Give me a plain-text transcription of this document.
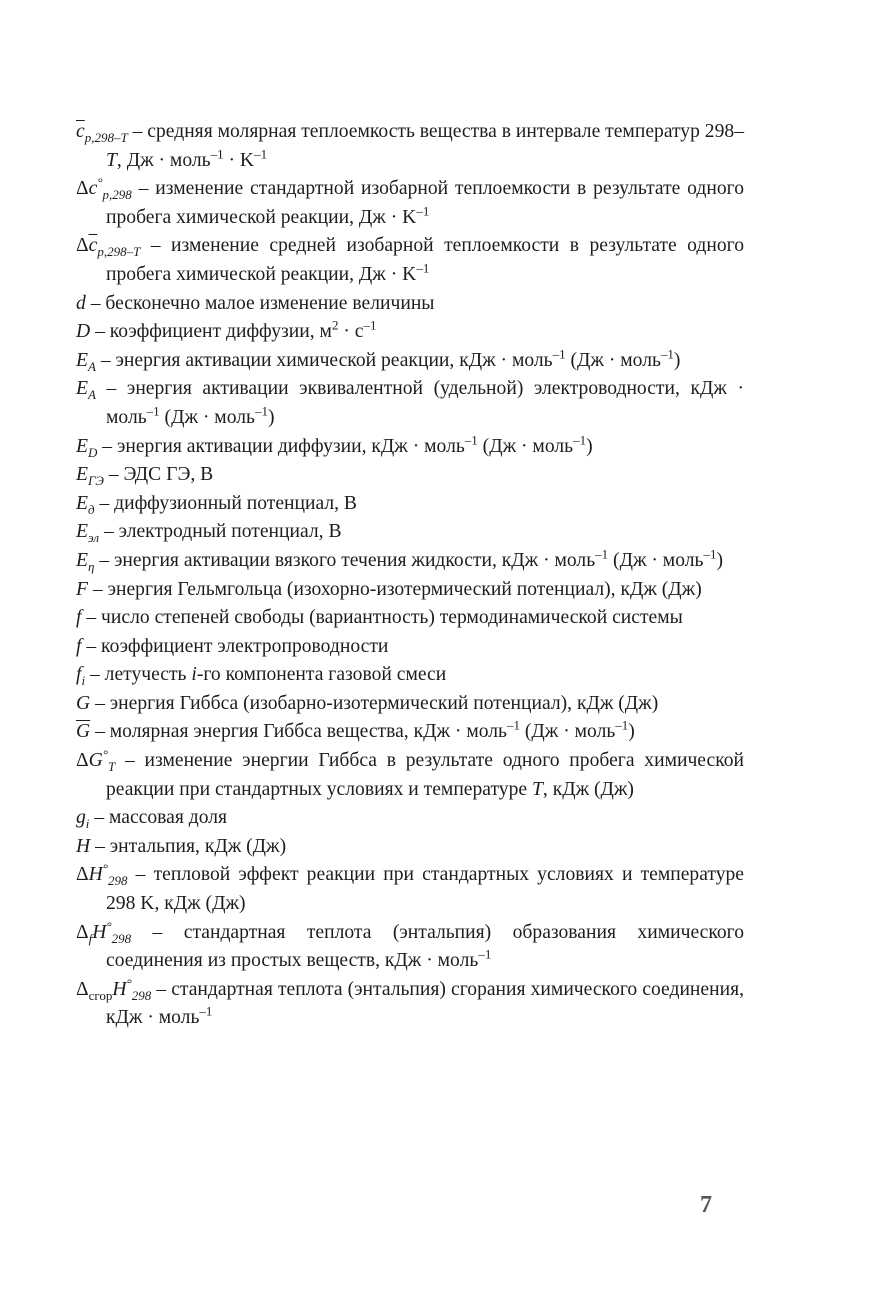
$\overline{c}_{p,298-T}$ – средняя молярная теплоемкость вещества в интервале температур 298–T, Дж · моль$^{-1}$ · $K^{-1}$

$\Delta c^\circ_{p,298}$ – изменение стандартной изобарной теплоемкости в результате одного пробега химической реакции, Дж · $K^{-1}$

$\Delta\overline{c}_{p,298-T}$ – изменение средней изобарной теплоемкости в результате одного пробега химической реакции, Дж · $K^{-1}$

d – бесконечно малое изменение величины

D – коэффициент диффузии, $м^2 \cdot с^{-1}$

$E_A$ – энергия активации химической реакции, кДж · моль$^{-1}$ (Дж · моль$^{-1}$)

$E_A$ – энергия активации эквивалентной (удельной) электроводности, кДж · моль$^{-1}$ (Дж · моль$^{-1}$)

$E_D$ – энергия активации диффузии, кДж · моль$^{-1}$ (Дж · моль$^{-1}$)

$E_{ГЭ}$ – ЭДС ГЭ, В

$E_д$ – диффузионный потенциал, В

$E_{эл}$ – электродный потенциал, В

$E_\eta$ – энергия активации вязкого течения жидкости, кДж · моль$^{-1}$ (Дж · моль$^{-1}$)

F – энергия Гельмгольца (изохорно-изотермический потенциал), кДж (Дж)

f – число степеней свободы (вариантность) термодинамической системы

f – коэффициент электропроводности

$f_i$ – летучесть i-го компонента газовой смеси

G – энергия Гиббса (изобарно-изотермический потенциал), кДж (Дж)

$\overline{G}$ – молярная энергия Гиббса вещества, кДж · моль$^{-1}$ (Дж · моль$^{-1}$)

$\Delta G^\circ_T$ – изменение энергии Гиббса в результате одного пробега химической реакции при стандартных условиях и температуре T, кДж (Дж)

$g_i$ – массовая доля

H – энтальпия, кДж (Дж)

$\Delta H^\circ_{298}$ – тепловой эффект реакции при стандартных условиях и температуре 298 K, кДж (Дж)

$\Delta_fH^\circ_{298}$ – стандартная теплота (энтальпия) образования химического соединения из простых веществ, кДж · моль$^{-1}$

$\Delta_{сгор}H^\circ_{298}$ – стандартная теплота (энтальпия) сгорания химического соединения, кДж · моль$^{-1}$

7
